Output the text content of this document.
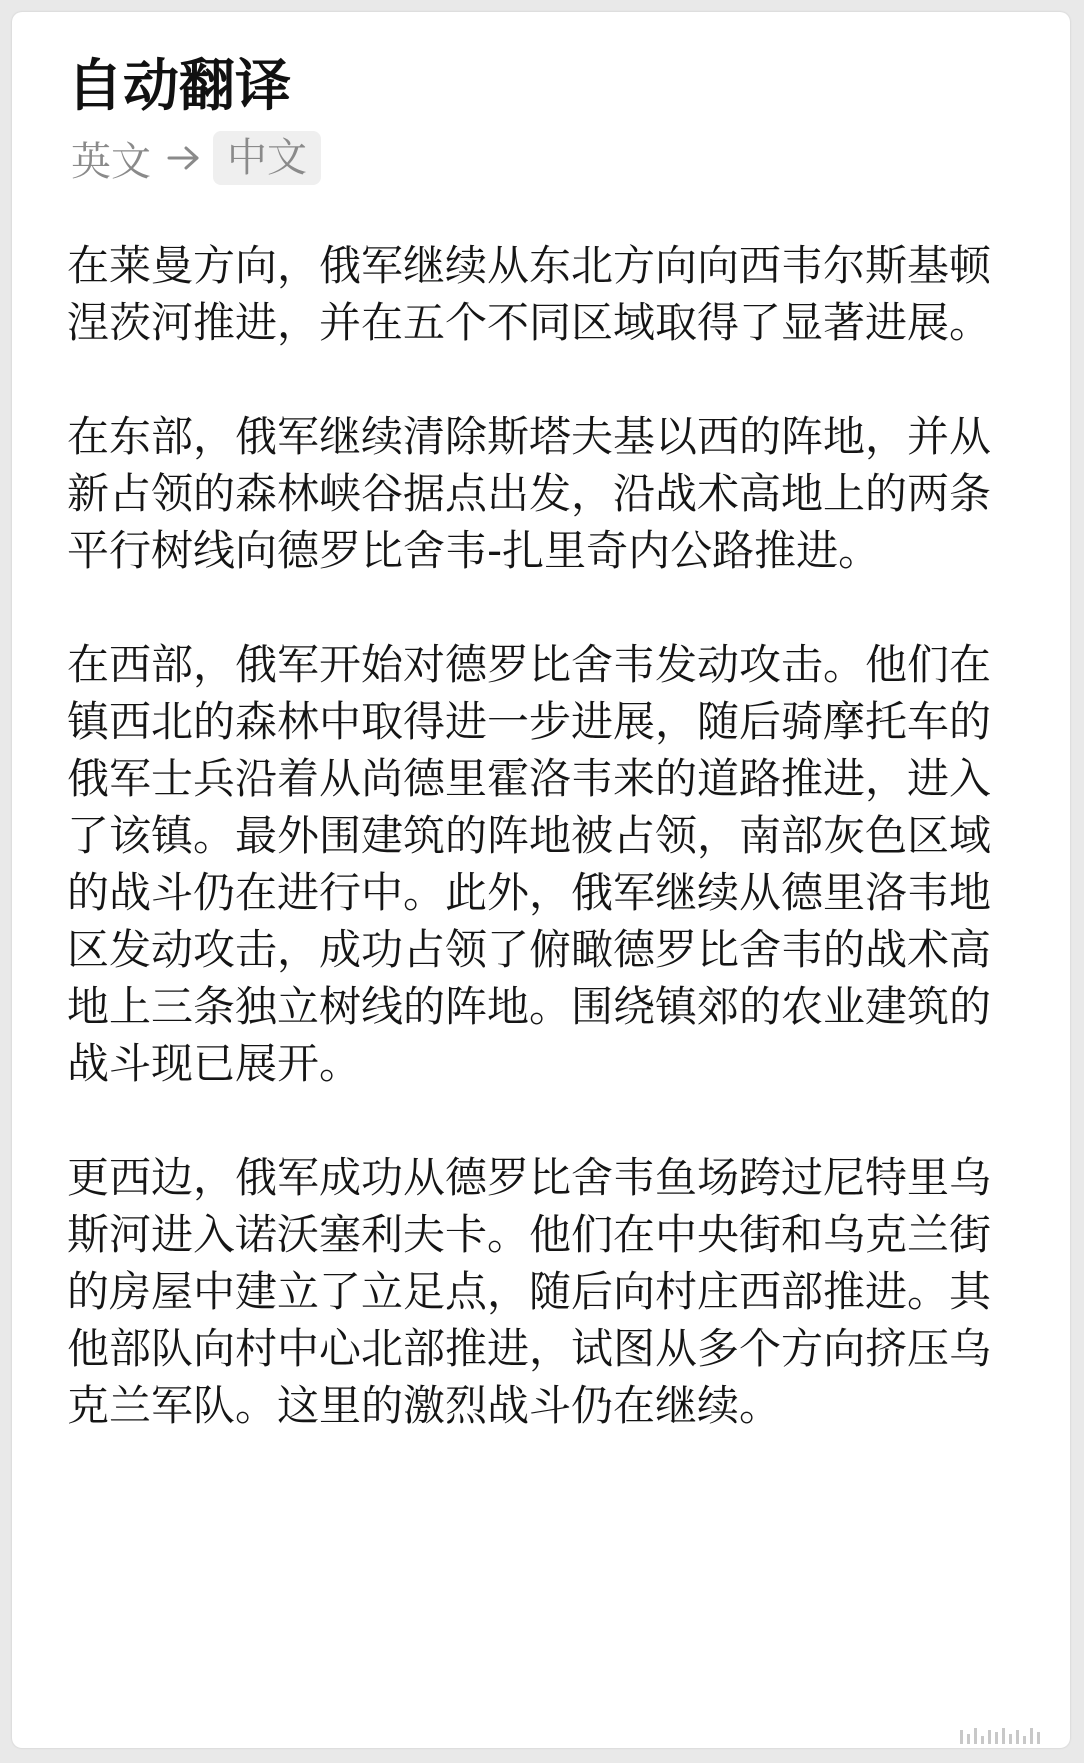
自动翻译
英文	中文

在莱曼方向，俄军继续从东北方向向西韦尔斯基顿涅茨河推进，并在五个不同区域取得了显著进展。

在东部，俄军继续清除斯塔夫基以西的阵地，并从新占领的森林峡谷据点出发，沿战术高地上的两条平行树线向德罗比舍韦-扎里奇内公路推进。

在西部，俄军开始对德罗比舍韦发动攻击。他们在镇西北的森林中取得进一步进展，随后骑摩托车的俄军士兵沿着从尚德里霍洛韦来的道路推进，进入了该镇。最外围建筑的阵地被占领，南部灰色区域的战斗仍在进行中。此外，俄军继续从德里洛韦地区发动攻击，成功占领了俯瞰德罗比舍韦的战术高地上三条独立树线的阵地。围绕镇郊的农业建筑的战斗现已展开。

更西边，俄军成功从德罗比舍韦鱼场跨过尼特里乌斯河进入诺沃塞利夫卡。他们在中央街和乌克兰街的房屋中建立了立足点，随后向村庄西部推进。其他部队向村中心北部推进，试图从多个方向挤压乌克兰军队。这里的激烈战斗仍在继续。
